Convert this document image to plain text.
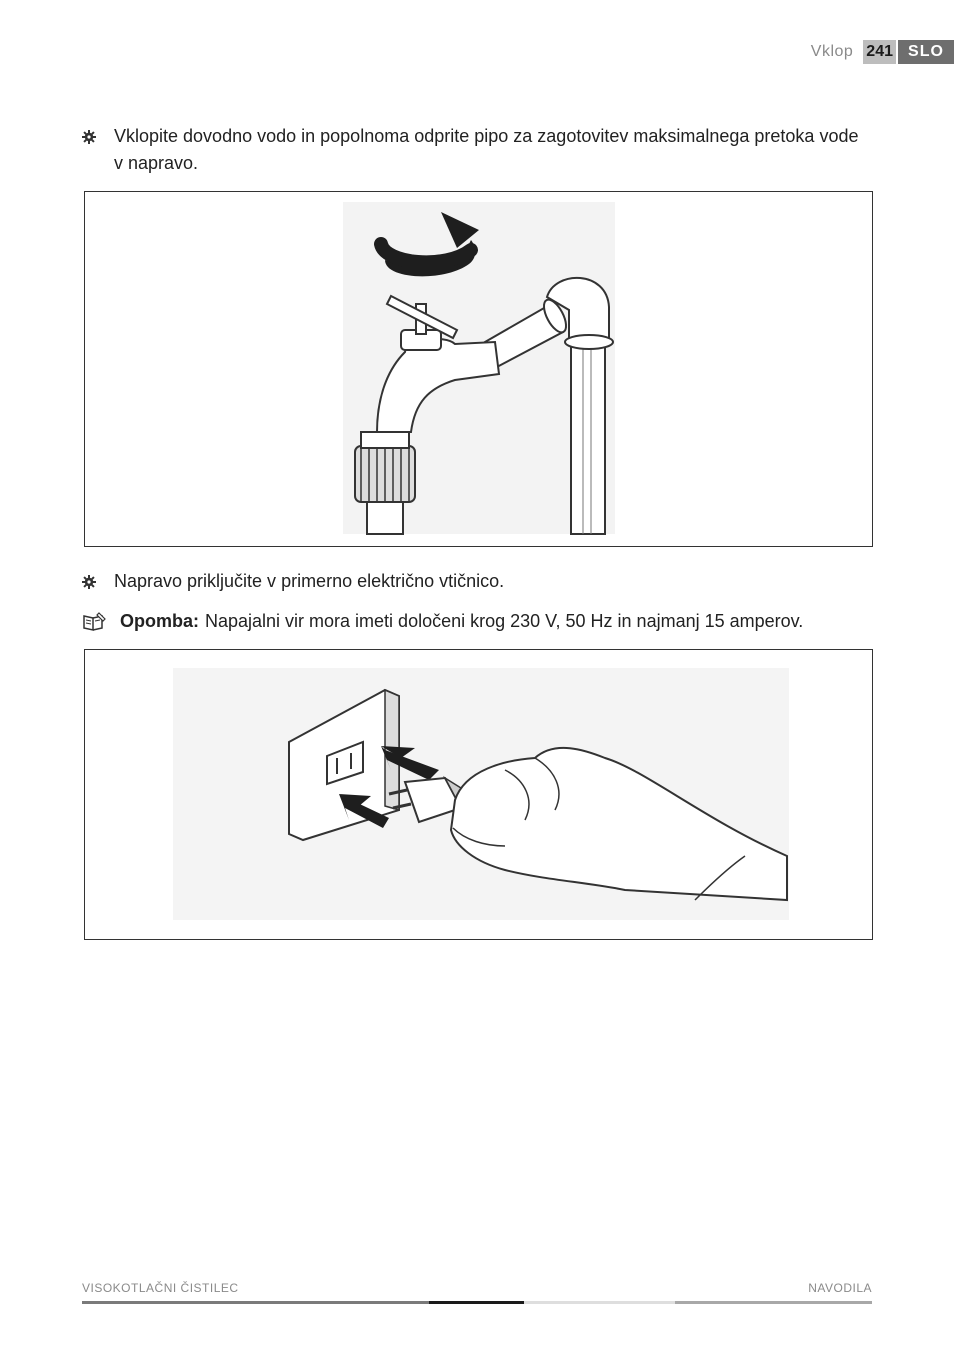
Vklop 241 SLO
Vklopite dovodno vodo in popolnoma odprite pipo za zagotovitev maksimalnega pretoka vode v napravo.
Napravo priključite v primerno električno vtičnico.
Opomba: Napajalni vir mora imeti določeni krog 230 V, 50 Hz in najmanj 15 amperov.
VISOKOTLAČNI ČISTILEC	NAVODILA
